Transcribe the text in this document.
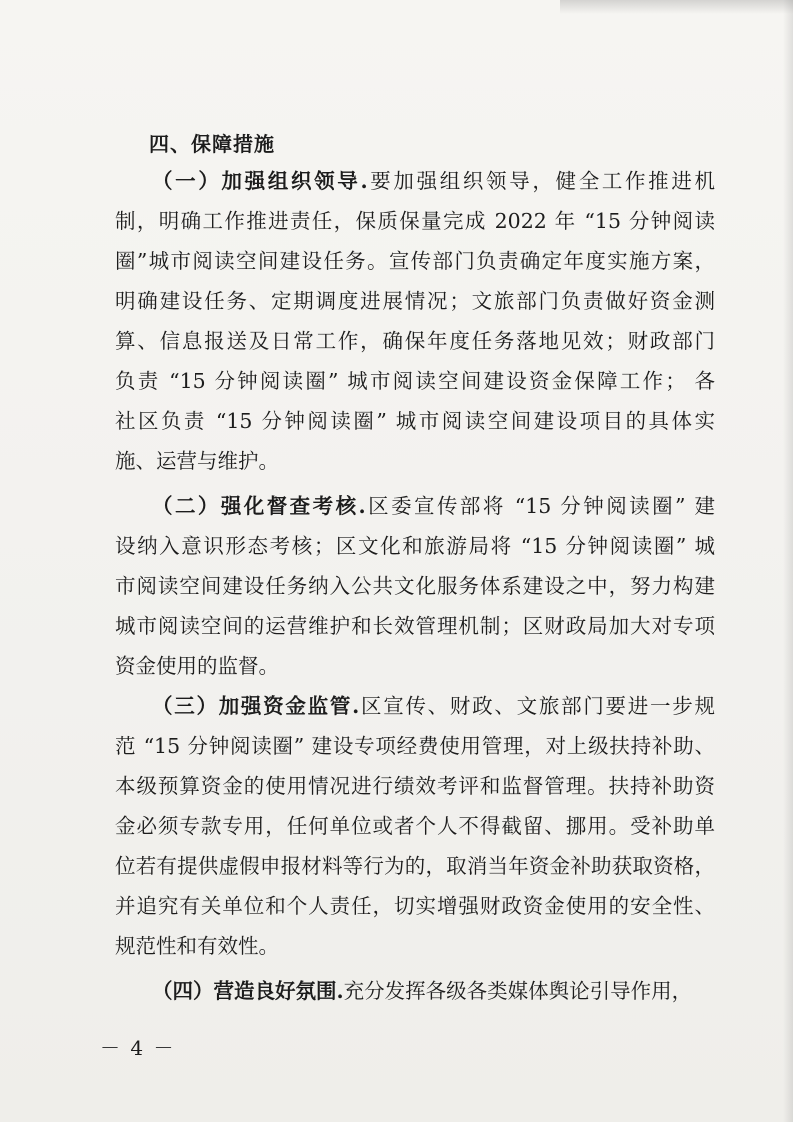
四、保障措施
（一）加强组织领导.要加强组织领导，健全工作推进机
制，明确工作推进责任，保质保量完成 2022 年 “15 分钟阅读
圈”城市阅读空间建设任务。宣传部门负责确定年度实施方案，
明确建设任务、定期调度进展情况；文旅部门负责做好资金测
算、信息报送及日常工作，确保年度任务落地见效；财政部门
负责 “15 分钟阅读圈” 城市阅读空间建设资金保障工作； 各
社区负责 “15 分钟阅读圈” 城市阅读空间建设项目的具体实
施、运营与维护。
（二）强化督查考核.区委宣传部将 “15 分钟阅读圈” 建
设纳入意识形态考核；区文化和旅游局将 “15 分钟阅读圈” 城
市阅读空间建设任务纳入公共文化服务体系建设之中，努力构建
城市阅读空间的运营维护和长效管理机制；区财政局加大对专项
资金使用的监督。
（三）加强资金监管.区宣传、财政、文旅部门要进一步规
范 “15 分钟阅读圈” 建设专项经费使用管理，对上级扶持补助、
本级预算资金的使用情况进行绩效考评和监督管理。扶持补助资
金必须专款专用，任何单位或者个人不得截留、挪用。受补助单
位若有提供虚假申报材料等行为的，取消当年资金补助获取资格，
并追究有关单位和个人责任，切实增强财政资金使用的安全性、
规范性和有效性。
（四）营造良好氛围.充分发挥各级各类媒体舆论引导作用，
－ 4 －
